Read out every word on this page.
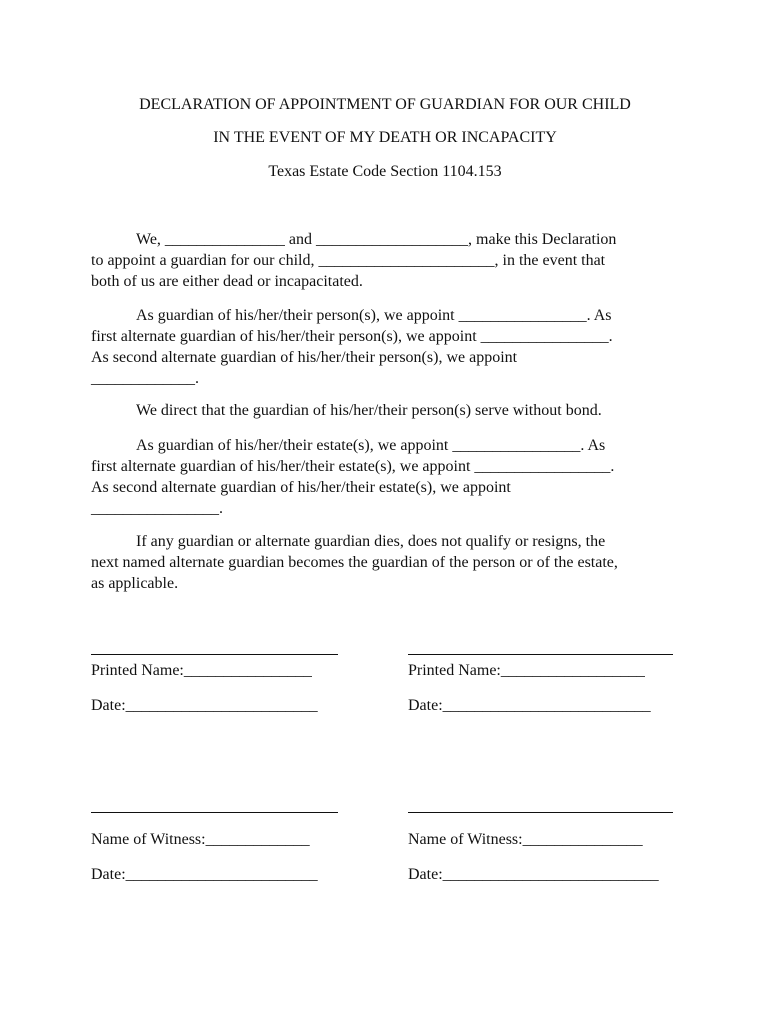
DECLARATION OF APPOINTMENT OF GUARDIAN FOR OUR CHILD
IN THE EVENT OF MY DEATH OR INCAPACITY
Texas Estate Code Section 1104.153
We, _______________ and ___________________, make this Declaration
to appoint a guardian for our child, ______________________, in the event that
both of us are either dead or incapacitated.
As guardian of his/her/their person(s), we appoint ________________. As
first alternate guardian of his/her/their person(s), we appoint ________________.
As second alternate guardian of his/her/their person(s), we appoint
_____________.
We direct that the guardian of his/her/their person(s) serve without bond.
As guardian of his/her/their estate(s), we appoint ________________. As
first alternate guardian of his/her/their estate(s), we appoint _________________.
As second alternate guardian of his/her/their estate(s), we appoint
________________.
If any guardian or alternate guardian dies, does not qualify or resigns, the
next named alternate guardian becomes the guardian of the person or of the estate,
as applicable.
Printed Name:________________	Printed Name:__________________
Date:________________________	Date:__________________________
Name of Witness:_____________	Name of Witness:_______________
Date:________________________	Date:___________________________
